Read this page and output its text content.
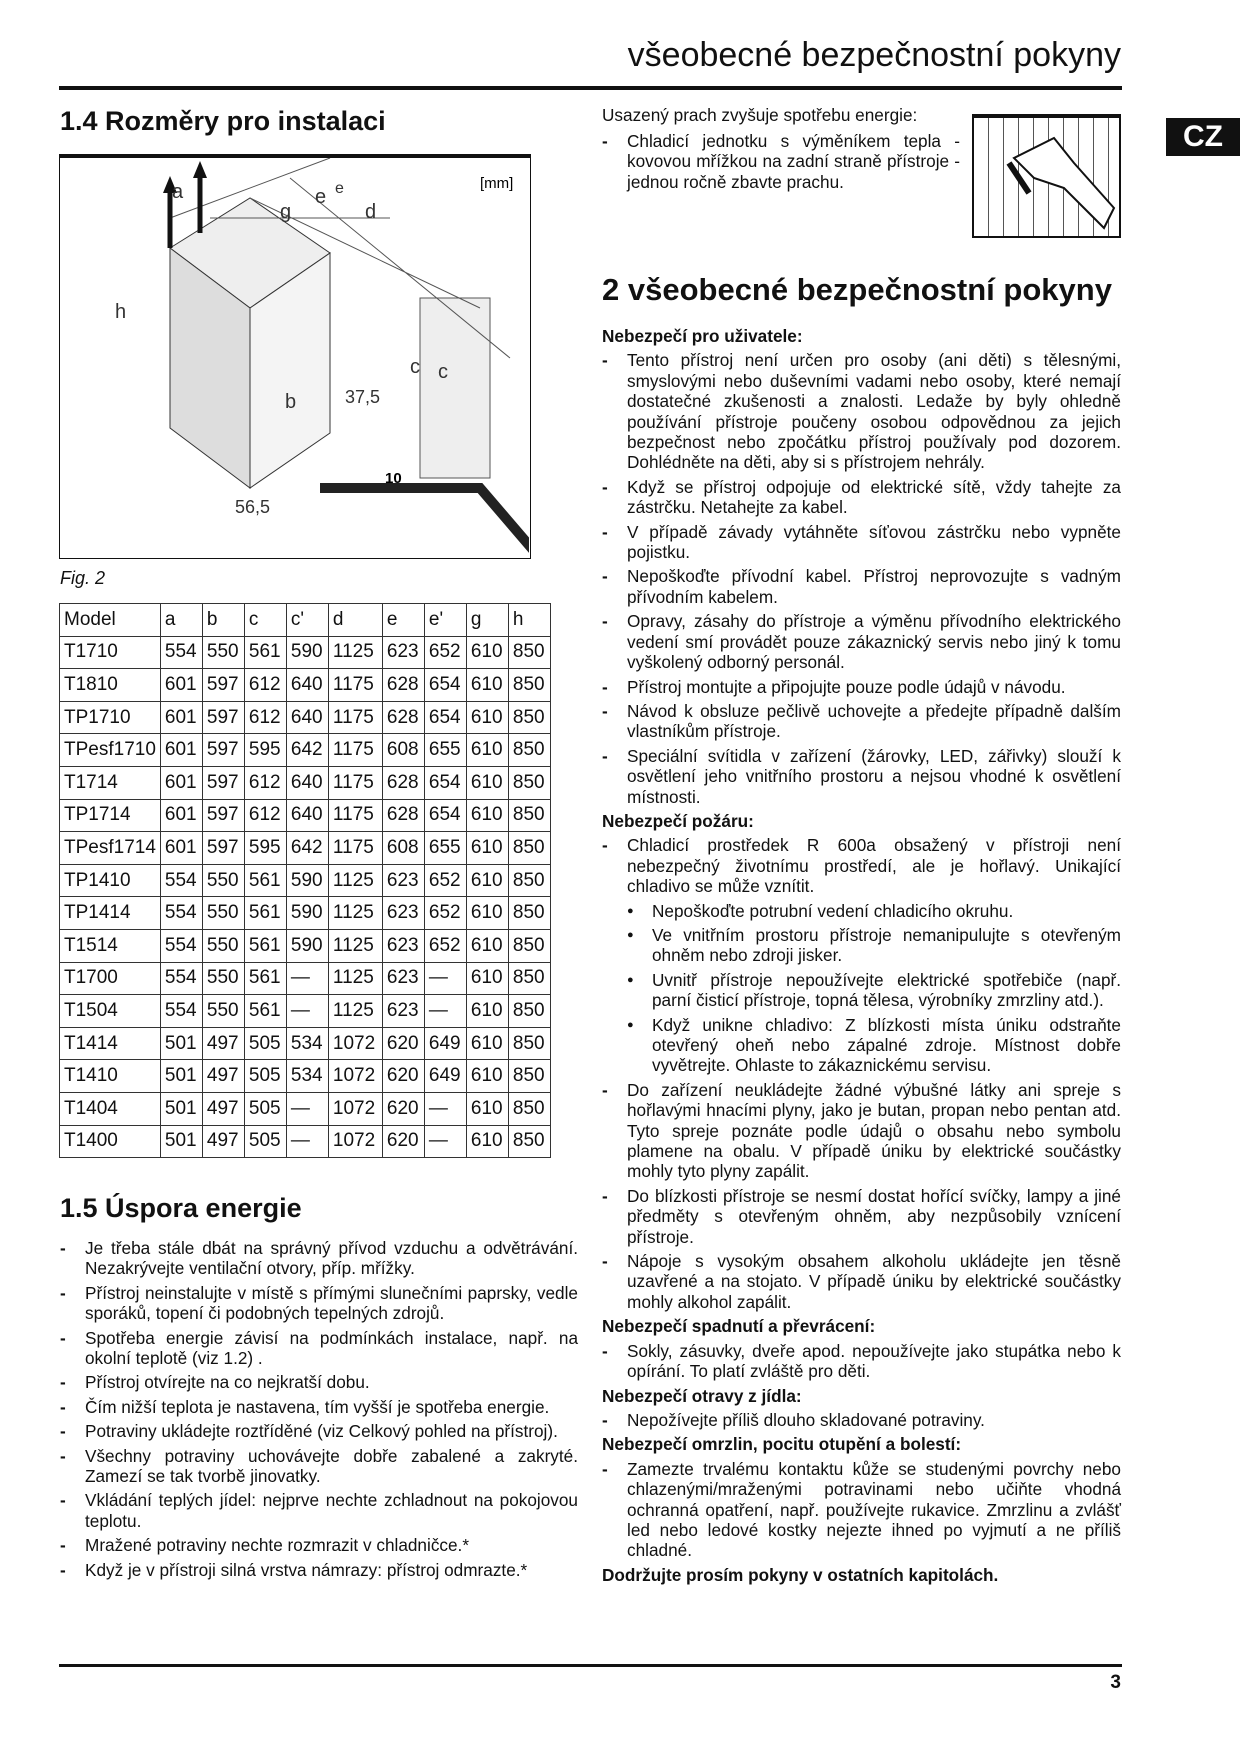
všeobecné bezpečnostní pokyny
CZ
1.4 Rozměry pro instalaci
a
g
e e
d
h
b
c c
37,5
56,5
10
[mm]
Fig. 2
Model	a	b	c	c'	d	e	e'	g	h
T1710	554	550	561	590	1125	623	652	610	850
T1810	601	597	612	640	1175	628	654	610	850
TP1710	601	597	612	640	1175	628	654	610	850
TPesf1710	601	597	595	642	1175	608	655	610	850
T1714	601	597	612	640	1175	628	654	610	850
TP1714	601	597	612	640	1175	628	654	610	850
TPesf1714	601	597	595	642	1175	608	655	610	850
TP1410	554	550	561	590	1125	623	652	610	850
TP1414	554	550	561	590	1125	623	652	610	850
T1514	554	550	561	590	1125	623	652	610	850
T1700	554	550	561	—	1125	623	—	610	850
T1504	554	550	561	—	1125	623	—	610	850
T1414	501	497	505	534	1072	620	649	610	850
T1410	501	497	505	534	1072	620	649	610	850
T1404	501	497	505	—	1072	620	—	610	850
T1400	501	497	505	—	1072	620	—	610	850
1.5 Úspora energie
- Je třeba stále dbát na správný přívod vzduchu a odvětrávání. Nezakrývejte ventilační otvory, příp. mřížky.
- Přístroj neinstalujte v místě s přímými slunečními paprsky, vedle sporáků, topení či podobných tepelných zdrojů.
- Spotřeba energie závisí na podmínkách instalace, např. na okolní teplotě (viz 1.2) .
- Přístroj otvírejte na co nejkratší dobu.
- Čím nižší teplota je nastavena, tím vyšší je spotřeba energie.
- Potraviny ukládejte roztříděné (viz Celkový pohled na přístroj).
- Všechny potraviny uchovávejte dobře zabalené a zakryté. Zamezí se tak tvorbě jinovatky.
- Vkládání teplých jídel: nejprve nechte zchladnout na pokojovou teplotu.
- Mražené potraviny nechte rozmrazit v chladničce.*
- Když je v přístroji silná vrstva námrazy: přístroj odmrazte.*
Usazený prach zvyšuje spotřebu energie:
- Chladicí jednotku s výměníkem tepla - kovovou mřížkou na zadní straně přístroje - jednou ročně zbavte prachu.
2 všeobecné bezpečnostní pokyny
Nebezpečí pro uživatele:
- Tento přístroj není určen pro osoby (ani děti) s tělesnými, smyslovými nebo duševními vadami nebo osoby, které nemají dostatečné zkušenosti a znalosti. Ledaže by byly ohledně používání přístroje poučeny osobou odpovědnou za jejich bezpečnost nebo zpočátku přístroj používaly pod dozorem. Dohlédněte na děti, aby si s přístrojem nehrály.
- Když se přístroj odpojuje od elektrické sítě, vždy tahejte za zástrčku. Netahejte za kabel.
- V případě závady vytáhněte síťovou zástrčku nebo vypněte pojistku.
- Nepoškoďte přívodní kabel. Přístroj neprovozujte s vadným přívodním kabelem.
- Opravy, zásahy do přístroje a výměnu přívodního elektrického vedení smí provádět pouze zákaznický servis nebo jiný k tomu vyškolený odborný personál.
- Přístroj montujte a připojujte pouze podle údajů v návodu.
- Návod k obsluze pečlivě uchovejte a předejte případně dalším vlastníkům přístroje.
- Speciální svítidla v zařízení (žárovky, LED, zářivky) slouží k osvětlení jeho vnitřního prostoru a nejsou vhodné k osvětlení místnosti.
Nebezpečí požáru:
- Chladicí prostředek R 600a obsažený v přístroji není nebezpečný životnímu prostředí, ale je hořlavý. Unikající chladivo se může vznítit.
● Nepoškoďte potrubní vedení chladicího okruhu.
● Ve vnitřním prostoru přístroje nemanipulujte s otevřeným ohněm nebo zdroji jisker.
● Uvnitř přístroje nepoužívejte elektrické spotřebiče (např. parní čisticí přístroje, topná tělesa, výrobníky zmrzliny atd.).
● Když unikne chladivo: Z blízkosti místa úniku odstraňte otevřený oheň nebo zápalné zdroje. Místnost dobře vyvětrejte. Ohlaste to zákaznickému servisu.
- Do zařízení neukládejte žádné výbušné látky ani spreje s hořlavými hnacími plyny, jako je butan, propan nebo pentan atd. Tyto spreje poznáte podle údajů o obsahu nebo symbolu plamene na obalu. V případě úniku by elektrické součástky mohly tyto plyny zapálit.
- Do blízkosti přístroje se nesmí dostat hořící svíčky, lampy a jiné předměty s otevřeným ohněm, aby nezpůsobily vznícení přístroje.
- Nápoje s vysokým obsahem alkoholu ukládejte jen těsně uzavřené a na stojato. V případě úniku by elektrické součástky mohly alkohol zapálit.
Nebezpečí spadnutí a převrácení:
- Sokly, zásuvky, dveře apod. nepoužívejte jako stupátka nebo k opírání. To platí zvláště pro děti.
Nebezpečí otravy z jídla:
- Nepožívejte příliš dlouho skladované potraviny.
Nebezpečí omrzlin, pocitu otupění a bolestí:
- Zamezte trvalému kontaktu kůže se studenými povrchy nebo chlazenými/mraženými potravinami nebo učiňte vhodná ochranná opatření, např. používejte rukavice. Zmrzlinu a zvlášť led nebo ledové kostky nejezte ihned po vyjmutí a ne příliš chladné.
Dodržujte prosím pokyny v ostatních kapitolách.
3
